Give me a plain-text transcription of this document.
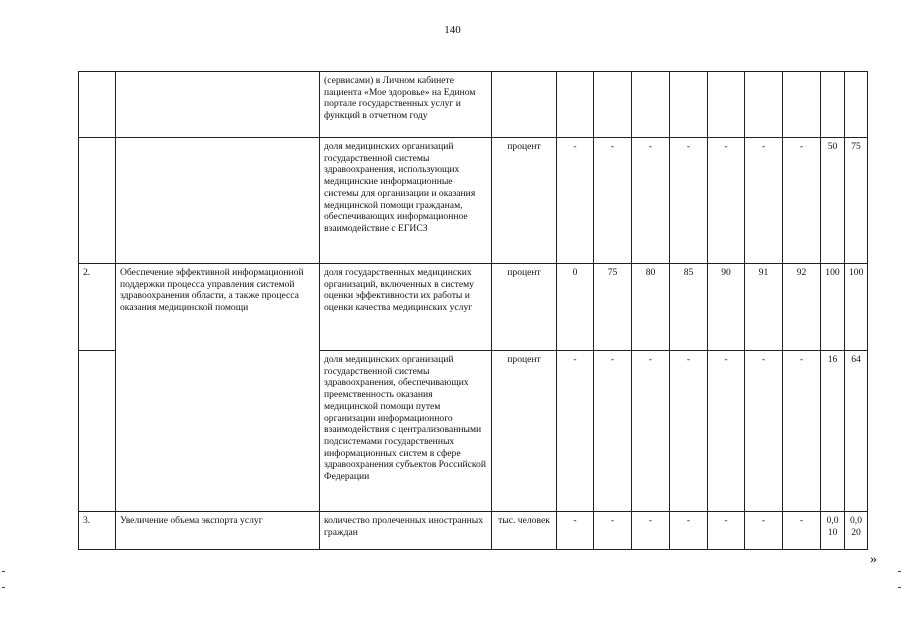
140
		(сервисами) в Личном кабинете пациента «Мое здоровье» на Едином портале государственных услуг и функций в отчетном году										
		доля медицинских организаций государственной системы здравоохранения, использующих медицинские информационные системы для организации и оказания медицинской помощи гражданам, обеспечивающих информационное взаимодействие с ЕГИСЗ	процент	-	-	-	-	-	-	-	50	75
2.	Обеспечение эффективной информационной поддержки процесса управления системой здравоохранения области, а также процесса оказания медицинской помощи	доля государственных медицинских организаций, включенных в систему оценки эффективности их работы и оценки качества медицинских услуг	процент	0	75	80	85	90	91	92	100	100
		доля медицинских организаций государственной системы здравоохранения, обеспечивающих преемственность оказания медицинской помощи путем организации информационного взаимодействия с централизованными подсистемами государственных информационных систем в сфере здравоохранения субъектов Российской Федерации	процент	-	-	-	-	-	-	-	16	64
3.	Увеличение объема экспорта услуг	количество пролеченных иностранных граждан	тыс. человек	-	-	-	-	-	-	-	0,010	0,020
»
